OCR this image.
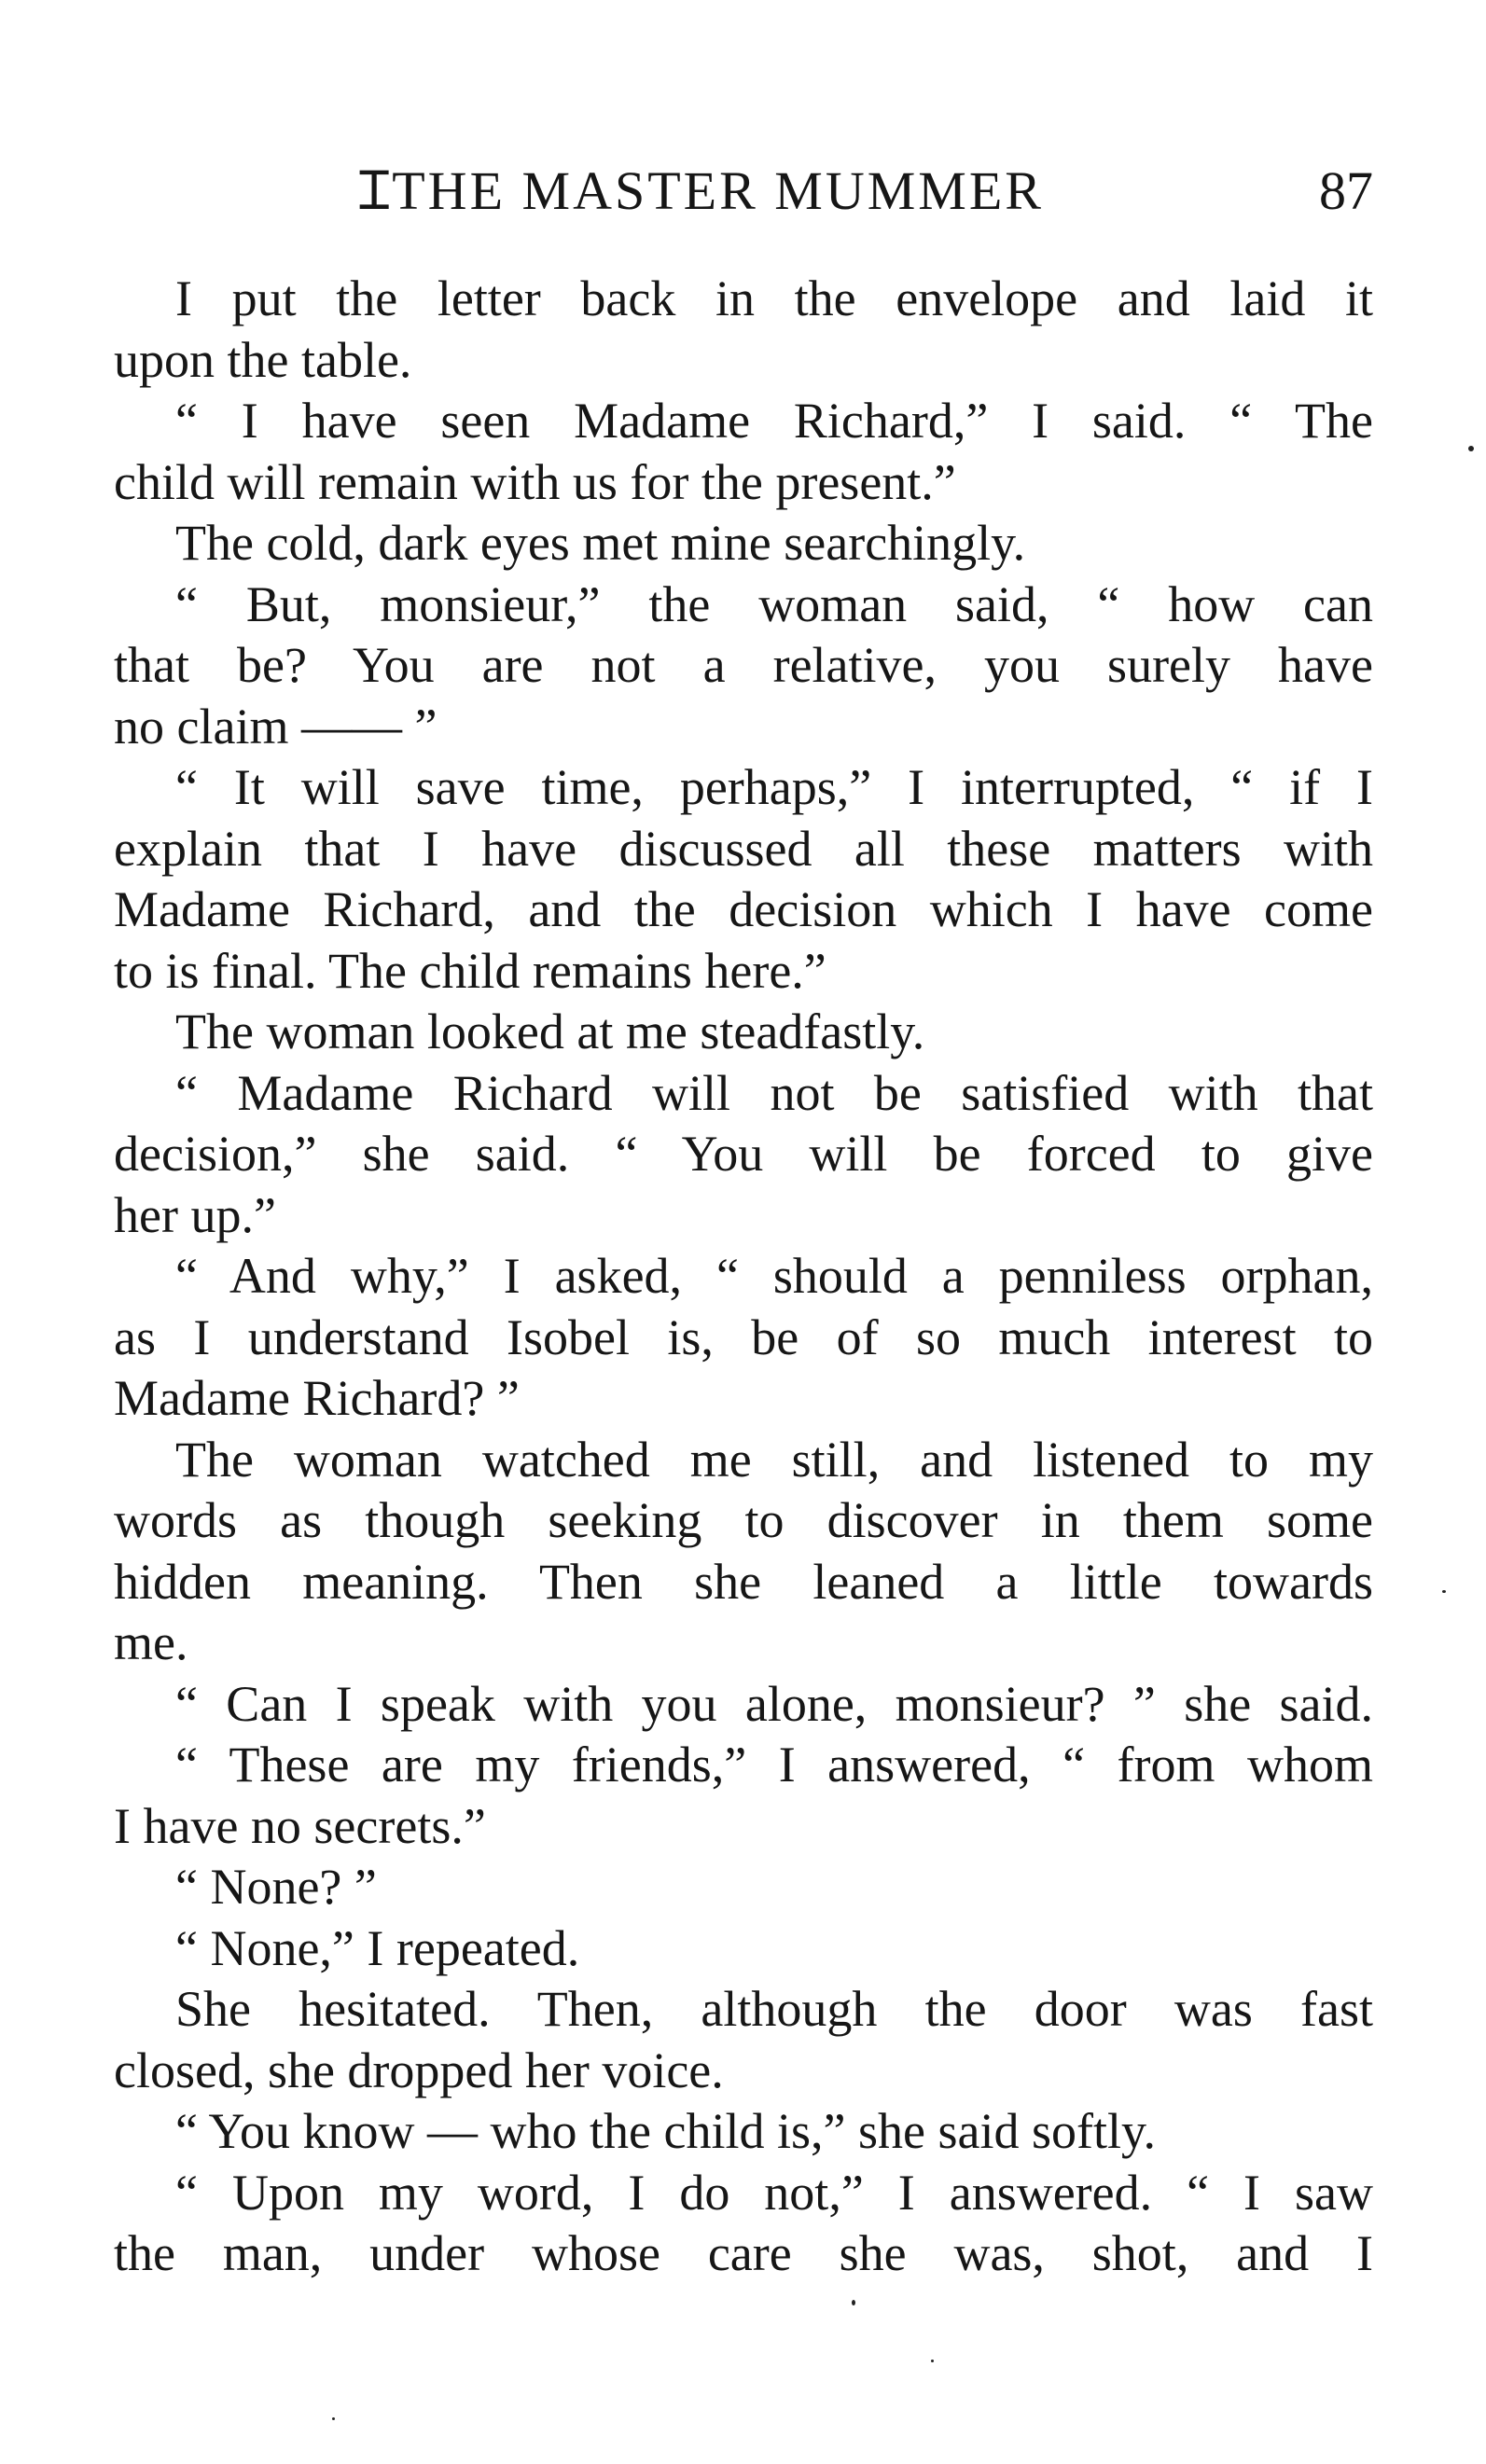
ꞮTHE MASTER MUMMER	87
I put the letter back in the envelope and laid it
upon the table.
“ I have seen Madame Richard,” I said. “ The
child will remain with us for the present.”
The cold, dark eyes met mine searchingly.
“ But, monsieur,” the woman said, “ how can
that be? You are not a relative, you surely have
no claim —— ”
“ It will save time, perhaps,” I interrupted, “ if I
explain that I have discussed all these matters with
Madame Richard, and the decision which I have come
to is final. The child remains here.”
The woman looked at me steadfastly.
“ Madame Richard will not be satisfied with that
decision,” she said. “ You will be forced to give
her up.”
“ And why,” I asked, “ should a penniless orphan,
as I understand Isobel is, be of so much interest to
Madame Richard? ”
The woman watched me still, and listened to my
words as though seeking to discover in them some
hidden meaning. Then she leaned a little towards
me.
“ Can I speak with you alone, monsieur? ” she said.
“ These are my friends,” I answered, “ from whom
I have no secrets.”
“ None? ”
“ None,” I repeated.
She hesitated. Then, although the door was fast
closed, she dropped her voice.
“ You know — who the child is,” she said softly.
“ Upon my word, I do not,” I answered. “ I saw
the man, under whose care she was, shot, and I
